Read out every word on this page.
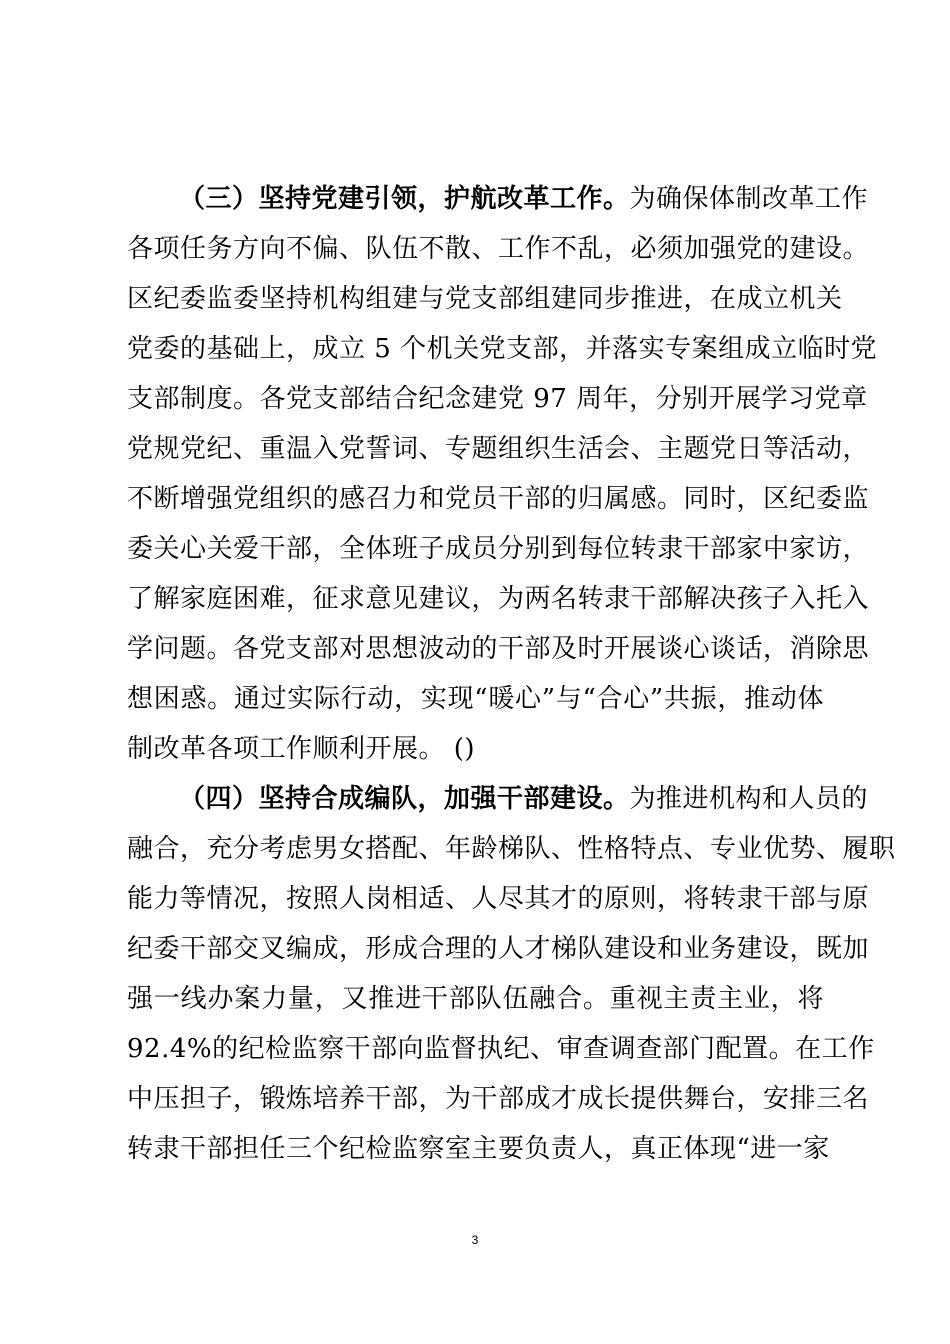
（三）坚持党建引领，护航改革工作。为确保体制改革工作
各项任务方向不偏、队伍不散、工作不乱，必须加强党的建设。
区纪委监委坚持机构组建与党支部组建同步推进，在成立机关
党委的基础上，成立 5 个机关党支部，并落实专案组成立临时党
支部制度。各党支部结合纪念建党 97 周年，分别开展学习党章
党规党纪、重温入党誓词、专题组织生活会、主题党日等活动，
不断增强党组织的感召力和党员干部的归属感。同时，区纪委监
委关心关爱干部，全体班子成员分别到每位转隶干部家中家访，
了解家庭困难，征求意见建议，为两名转隶干部解决孩子入托入
学问题。各党支部对思想波动的干部及时开展谈心谈话，消除思
想困惑。通过实际行动，实现“暖心”与“合心”共振，推动体
制改革各项工作顺利开展。 ()
（四）坚持合成编队，加强干部建设。为推进机构和人员的
融合，充分考虑男女搭配、年龄梯队、性格特点、专业优势、履职
能力等情况，按照人岗相适、人尽其才的原则，将转隶干部与原
纪委干部交叉编成，形成合理的人才梯队建设和业务建设，既加
强一线办案力量，又推进干部队伍融合。重视主责主业，将
92.4%的纪检监察干部向监督执纪、审查调查部门配置。在工作
中压担子，锻炼培养干部，为干部成才成长提供舞台，安排三名
转隶干部担任三个纪检监察室主要负责人，真正体现“进一家
3
